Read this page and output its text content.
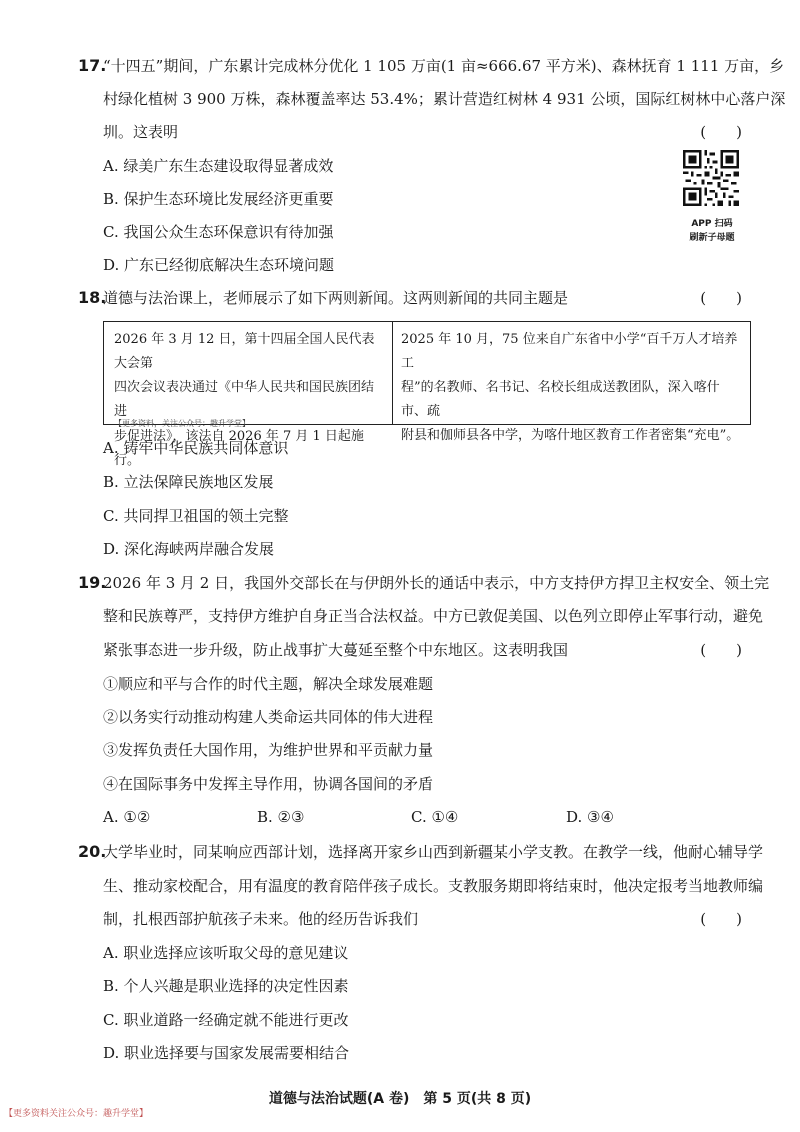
17.
“十四五”期间，广东累计完成林分优化 1 105 万亩(1 亩≈666.67 平方米)、森林抚育 1 111 万亩，乡
村绿化植树 3 900 万株，森林覆盖率达 53.4%；累计营造红树林 4 931 公顷，国际红树林中心落户深
圳。这表明	(　　)
A. 绿美广东生态建设取得显著成效
B. 保护生态环境比发展经济更重要
C. 我国公众生态环保意识有待加强
D. 广东已经彻底解决生态环境问题
APP 扫码
刷新子母题
18.
道德与法治课上，老师展示了如下两则新闻。这两则新闻的共同主题是	(　　)
2026 年 3 月 12 日，第十四届全国人民代表大会第
四次会议表决通过《中华人民共和国民族团结进
【更多资料，关注公众号：趣升学堂】
步促进法》，该法自 2026 年 7 月 1 日起施行。
2025 年 10 月，75 位来自广东省中小学“百千万人才培养工
程”的名教师、名书记、名校长组成送教团队，深入喀什市、疏
附县和伽师县各中学，为喀什地区教育工作者密集“充电”。
A. 铸牢中华民族共同体意识
B. 立法保障民族地区发展
C. 共同捍卫祖国的领土完整
D. 深化海峡两岸融合发展
19.
2026 年 3 月 2 日，我国外交部长在与伊朗外长的通话中表示，中方支持伊方捍卫主权安全、领土完
整和民族尊严，支持伊方维护自身正当合法权益。中方已敦促美国、以色列立即停止军事行动，避免
紧张事态进一步升级，防止战事扩大蔓延至整个中东地区。这表明我国	(　　)
①顺应和平与合作的时代主题，解决全球发展难题
②以务实行动推动构建人类命运共同体的伟大进程
③发挥负责任大国作用，为维护世界和平贡献力量
④在国际事务中发挥主导作用，协调各国间的矛盾
A. ①②	B. ②③	C. ①④	D. ③④
20.
大学毕业时，同某响应西部计划，选择离开家乡山西到新疆某小学支教。在教学一线，他耐心辅导学
生、推动家校配合，用有温度的教育陪伴孩子成长。支教服务期即将结束时，他决定报考当地教师编
制，扎根西部护航孩子未来。他的经历告诉我们	(　　)
A. 职业选择应该听取父母的意见建议
B. 个人兴趣是职业选择的决定性因素
C. 职业道路一经确定就不能进行更改
D. 职业选择要与国家发展需要相结合
道德与法治试题(A 卷)　第 5 页(共 8 页)
【更多资料关注公众号：趣升学堂】
